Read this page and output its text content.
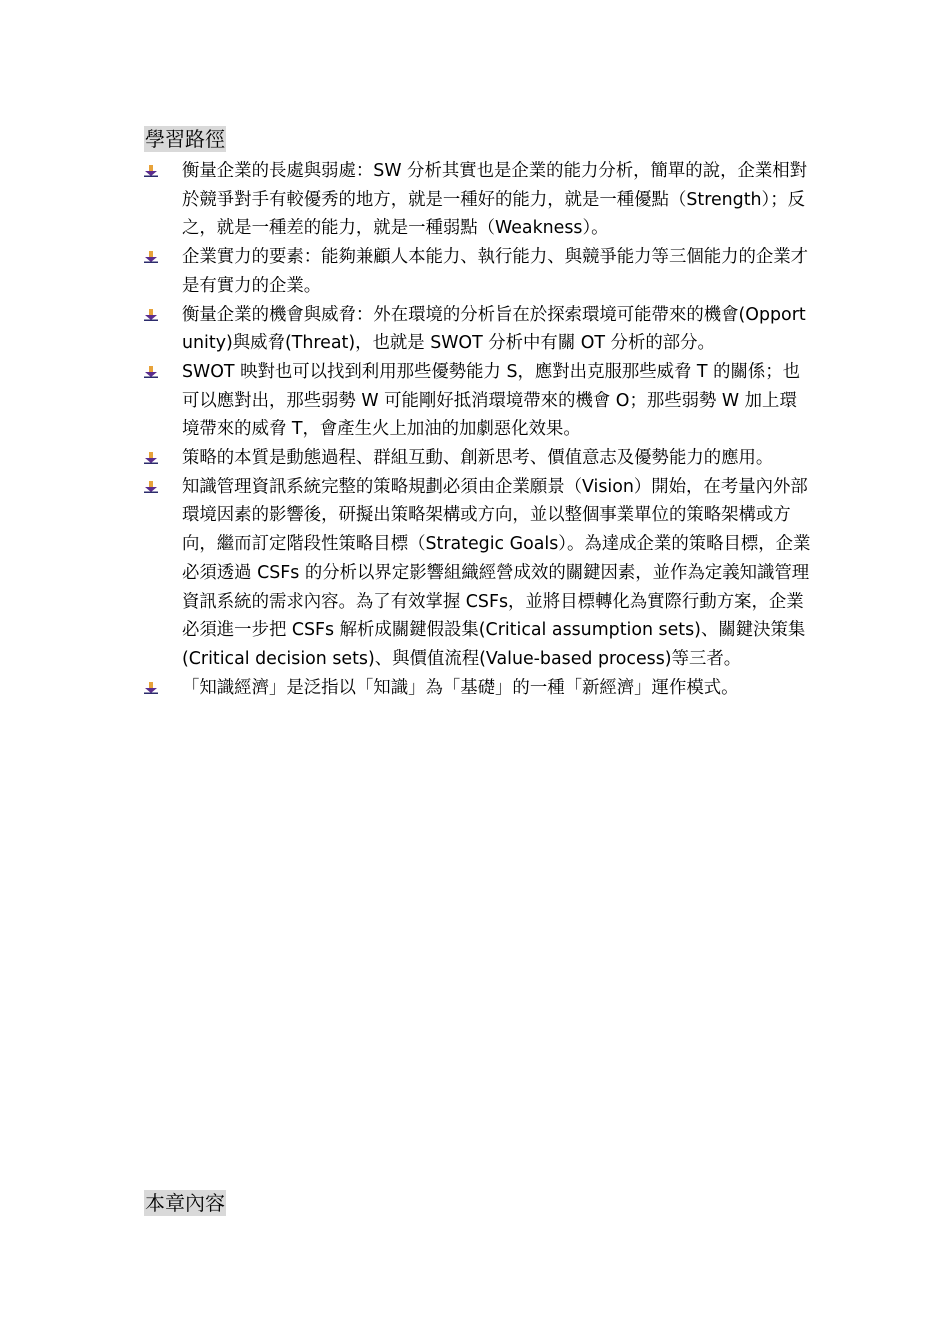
學習路徑
衡量企業的長處與弱處：SW 分析其實也是企業的能力分析，簡單的說，企業相對於競爭對手有較優秀的地方，就是一種好的能力，就是一種優點（Strength）；反之，就是一種差的能力，就是一種弱點（Weakness）。
企業實力的要素：能夠兼顧人本能力、執行能力、與競爭能力等三個能力的企業才是有實力的企業。
衡量企業的機會與威脅：外在環境的分析旨在於探索環境可能帶來的機會(Opportunity)與威脅(Threat)，也就是 SWOT 分析中有關 OT 分析的部分。
SWOT 映對也可以找到利用那些優勢能力 S，應對出克服那些威脅 T 的關係；也可以應對出，那些弱勢 W 可能剛好抵消環境帶來的機會 O；那些弱勢 W 加上環境帶來的威脅 T，會產生火上加油的加劇惡化效果。
策略的本質是動態過程、群組互動、創新思考、價值意志及優勢能力的應用。
知識管理資訊系統完整的策略規劃必須由企業願景（Vision）開始，在考量內外部環境因素的影響後，研擬出策略架構或方向，並以整個事業單位的策略架構或方向，繼而訂定階段性策略目標（Strategic Goals）。為達成企業的策略目標，企業必須透過 CSFs 的分析以界定影響組織經營成效的關鍵因素，並作為定義知識管理資訊系統的需求內容。為了有效掌握 CSFs，並將目標轉化為實際行動方案，企業必須進一步把 CSFs 解析成關鍵假設集(Critical assumption sets)、關鍵決策集(Critical decision sets)、與價值流程(Value-based process)等三者。
「知識經濟」是泛指以「知識」為「基礎」的一種「新經濟」運作模式。
本章內容
